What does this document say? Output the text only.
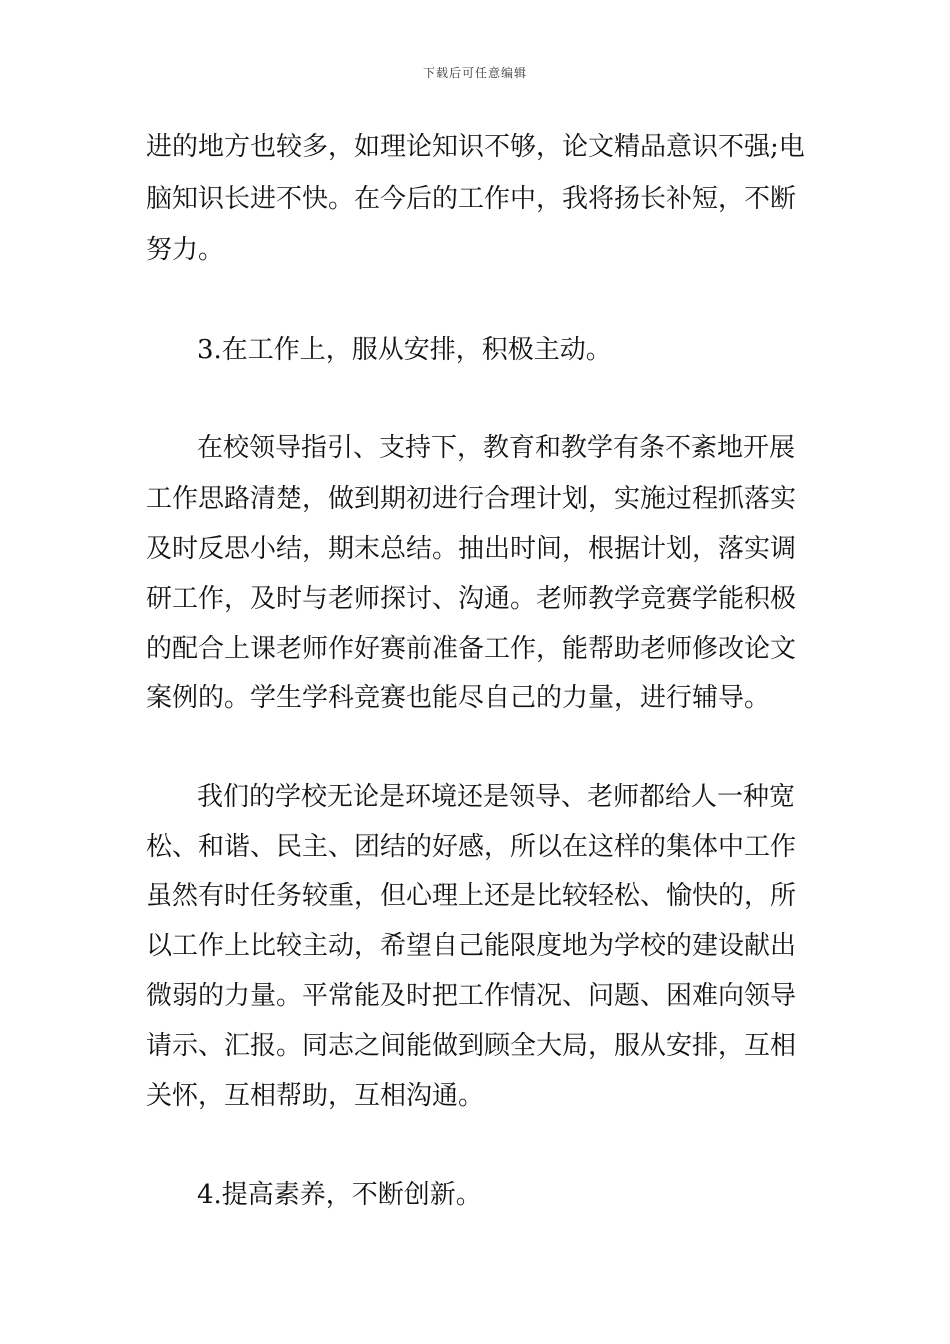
下载后可任意编辑
进的地方也较多，如理论知识不够，论文精品意识不强;电
脑知识长进不快。在今后的工作中，我将扬长补短，不断
努力。
3.在工作上，服从安排，积极主动。
在校领导指引、支持下，教育和教学有条不紊地开展
工作思路清楚，做到期初进行合理计划，实施过程抓落实
及时反思小结，期末总结。抽出时间，根据计划，落实调
研工作，及时与老师探讨、沟通。老师教学竞赛学能积极
的配合上课老师作好赛前准备工作，能帮助老师修改论文
案例的。学生学科竞赛也能尽自己的力量，进行辅导。
我们的学校无论是环境还是领导、老师都给人一种宽
松、和谐、民主、团结的好感，所以在这样的集体中工作
虽然有时任务较重，但心理上还是比较轻松、愉快的，所
以工作上比较主动，希望自己能限度地为学校的建设献出
微弱的力量。平常能及时把工作情况、问题、困难向领导
请示、汇报。同志之间能做到顾全大局，服从安排，互相
关怀，互相帮助，互相沟通。
4.提高素养，不断创新。
